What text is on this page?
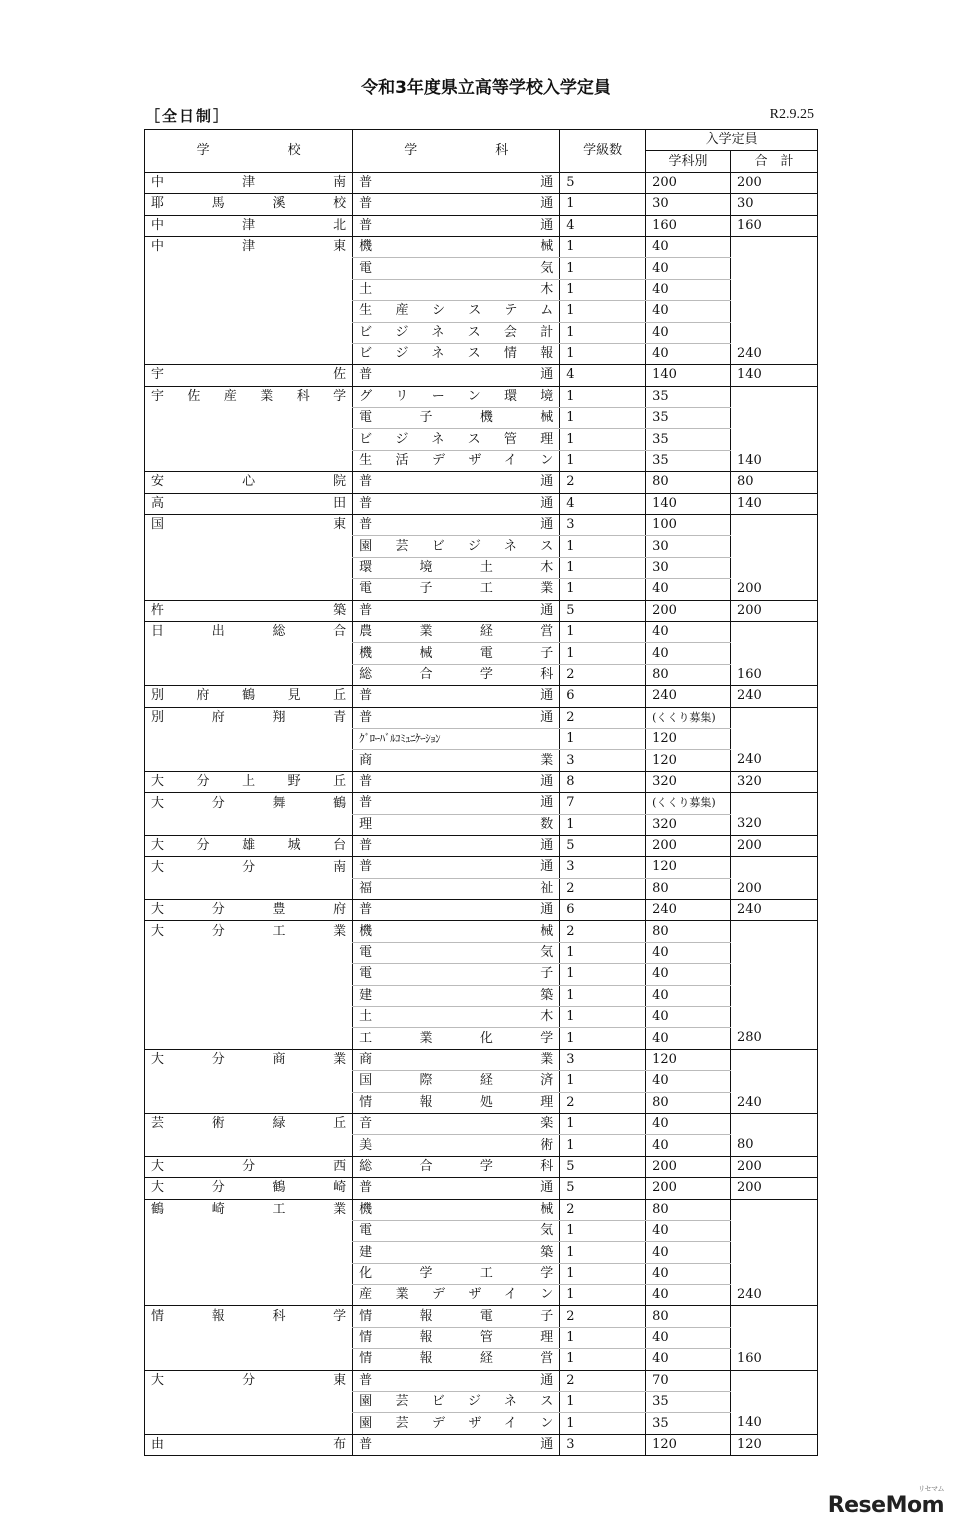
令和3年度県立高等学校入学定員
［全日制］	R2.9.25
学　　　　　　校	学　　　　　　科	学級数	入学定員	
			学科別	合　計
中津南	普通	5	200	200
耶馬溪校	普通	1	30	30
中津北	普通	4	160	160
中津東	機械	1	40	
	電気	1	40	
	土木	1	40	
	生産システム	1	40	
	ビジネス会計	1	40	
	ビジネス情報	1	40	240
宇佐	普通	4	140	140
宇佐産業科学	グリーン環境	1	35	
	電子機械	1	35	
	ビジネス管理	1	35	
	生活デザイン	1	35	140
安心院	普通	2	80	80
高田	普通	4	140	140
国東	普通	3	100	
	園芸ビジネス	1	30	
	環境土木	1	30	
	電子工業	1	40	200
杵築	普通	5	200	200
日出総合	農業経営	1	40	
	機械電子	1	40	
	総合学科	2	80	160
別府鶴見丘	普通	6	240	240
別府翔青	普通	2	(くくり募集)	

	ｸﾞﾛｰﾊﾞﾙｺﾐｭﾆｹｰｼｮﾝ	1	120	
	商業	3	120	240
大分上野丘	普通	8	320	320
大分舞鶴	普通	7	(くくり募集)	

	理数	1	320	320
大分雄城台	普通	5	200	200
大分南	普通	3	120	
	福祉	2	80	200
大分豊府	普通	6	240	240
大分工業	機械	2	80	
	電気	1	40	
	電子	1	40	
	建築	1	40	
	土木	1	40	
	工業化学	1	40	280
大分商業	商業	3	120	
	国際経済	1	40	
	情報処理	2	80	240
芸術緑丘	音楽	1	40	
	美術	1	40	80
大分西	総合学科	5	200	200
大分鶴崎	普通	5	200	200
鶴崎工業	機械	2	80	
	電気	1	40	
	建築	1	40	
	化学工学	1	40	
	産業デザイン	1	40	240
情報科学	情報電子	2	80	
	情報管理	1	40	
	情報経営	1	40	160
大分東	普通	2	70	
	園芸ビジネス	1	35	
	園芸デザイン	1	35	140
由布	普通	3	120	120
リセマム
ReseMom
